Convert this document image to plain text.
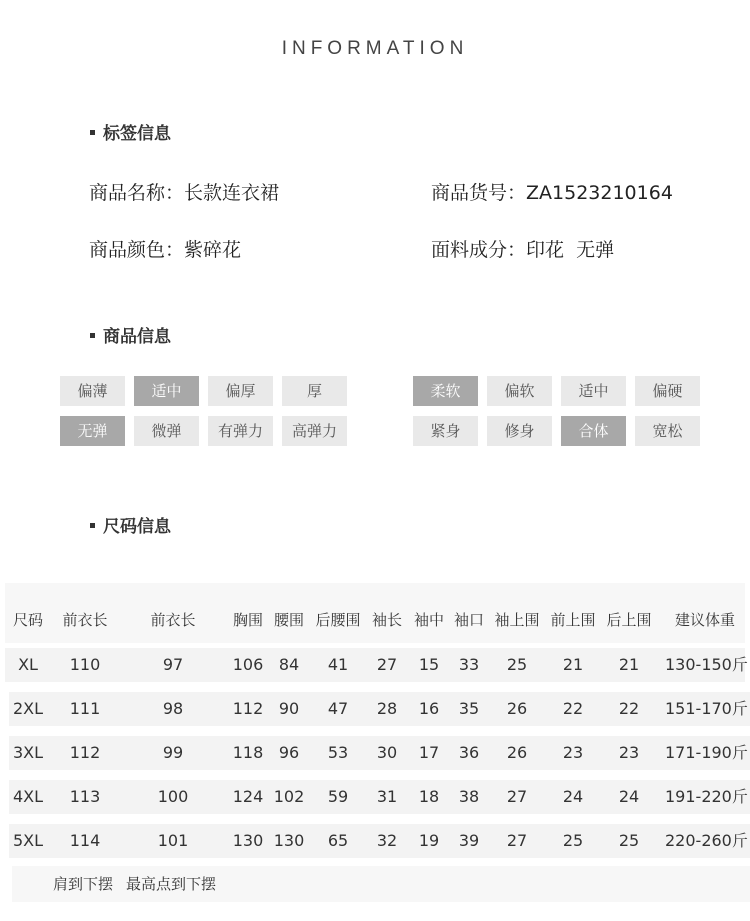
INFORMATION
标签信息
商品名称：长款连衣裙	商品货号：ZA1523210164
商品颜色：紫碎花	面料成分：印花  无弹
商品信息
偏薄	适中	偏厚	厚
无弹	微弹	有弹力	高弹力
柔软	偏软	适中	偏硬
紧身	修身	合体	宽松
尺码信息
尺码	前衣长	前衣长	胸围 腰围 后腰围 袖长 袖中 袖口 袖上围 前上围 后上围	建议体重
XL	110	97	106 84	41	27	15	33	25	21	21	130-150斤
2XL	111	98	112 90	47	28	16	35	26	22	22	151-170斤
3XL	112	99	118 96	53	30	17	36	26	23	23	171-190斤
4XL	113	100	124 102	59	31	18	38	27	24	24	191-220斤
5XL	114	101	130 130	65	32	19	39	27	25	25	220-260斤
肩到下摆 最高点到下摆
